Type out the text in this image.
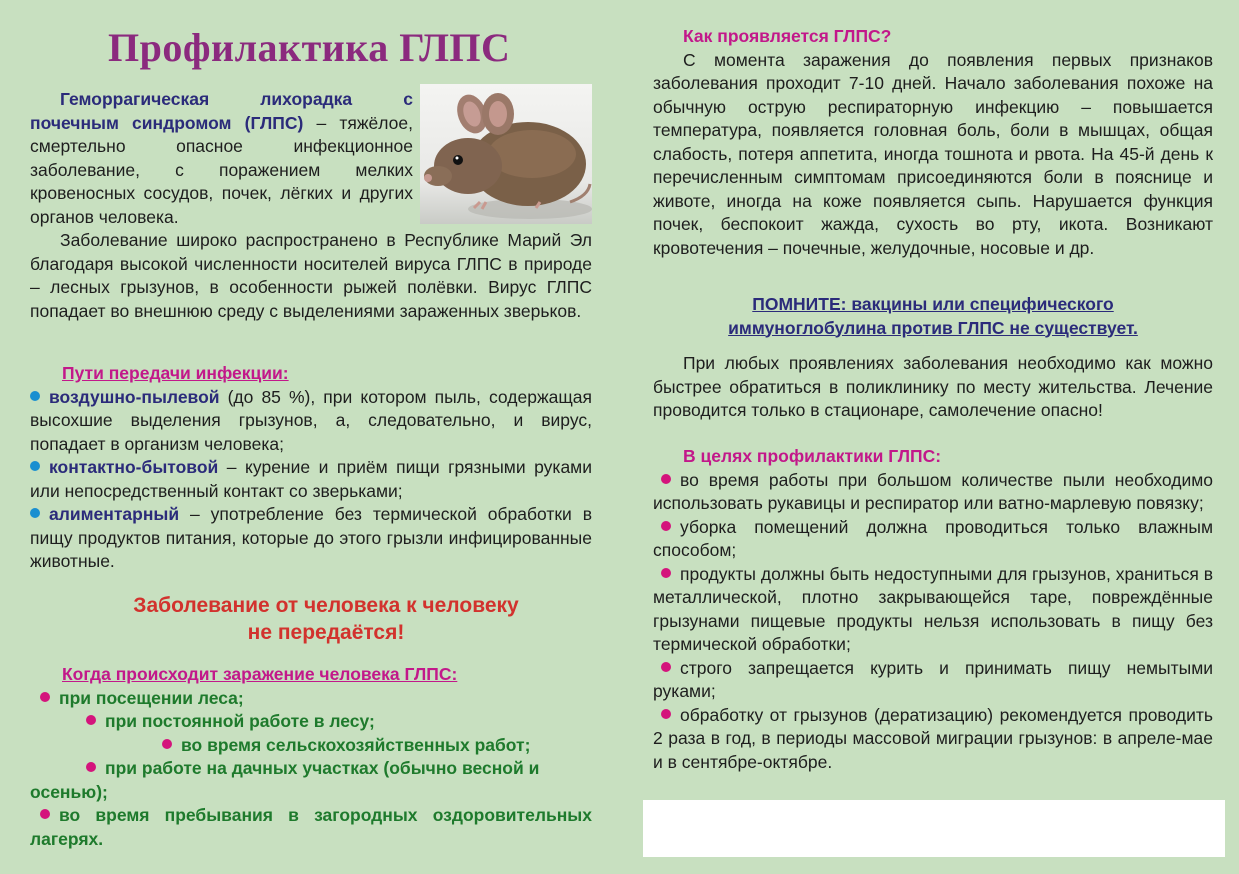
Профилактика ГЛПС

Геморрагическая лихорадка с почечным синдромом (ГЛПС) – тяжёлое, смертельно опасное инфекционное заболевание, с поражением мелких кровеносных сосудов, почек, лёгких и других органов человека.

Заболевание широко распространено в Республике Марий Эл благодаря высокой численности носителей вируса ГЛПС в природе – лесных грызунов, в особенности рыжей полёвки. Вирус ГЛПС попадает во внешнюю среду с выделениями зараженных зверьков.

Пути передачи инфекции:

воздушно-пылевой (до 85 %), при котором пыль, содержащая высохшие выделения грызунов, а, следовательно, и вирус, попадает в организм человека;

контактно-бытовой – курение и приём пищи грязными руками или непосредственный контакт со зверьками;

алиментарный – употребление без термической обработки в пищу продуктов питания, которые до этого грызли инфицированные животные.

Заболевание от человека к человеку
не передаётся!

Когда происходит заражение человека ГЛПС:

при посещении леса;

при постоянной работе в лесу;

во время сельскохозяйственных работ;

при работе на дачных участках (обычно весной и осенью);

во время пребывания в загородных оздоровительных лагерях.

Как проявляется ГЛПС?

С момента заражения до появления первых признаков заболевания проходит 7-10 дней. Начало заболевания похоже на обычную острую респираторную инфекцию – повышается температура, появляется головная боль, боли в мышцах, общая слабость, потеря аппетита, иногда тошнота и рвота. На 45-й день к перечисленным симптомам присоединяются боли в пояснице и животе, иногда на коже появляется сыпь. Нарушается функция почек, беспокоит жажда, сухость во рту, икота. Возникают кровотечения – почечные, желудочные, носовые и др.

ПОМНИТЕ: вакцины или специфического
иммуноглобулина против ГЛПС не существует.

При любых проявлениях заболевания необходимо как можно быстрее обратиться в поликлинику по месту жительства. Лечение проводится только в стационаре, самолечение опасно!

В целях профилактики ГЛПС:

во время работы при большом количестве пыли необходимо использовать рукавицы и респиратор или ватно-марлевую повязку;

уборка помещений должна проводиться только влажным способом;

продукты должны быть недоступными для грызунов, храниться в металлической, плотно закрывающейся таре, повреждённые грызунами пищевые продукты нельзя использовать в пищу без термической обработки;

строго запрещается курить и принимать пищу немытыми руками;

обработку от грызунов (дератизацию) рекомендуется проводить 2 раза в год, в периоды массовой миграции грызунов: в апреле-мае и в сентябре-октябре.
